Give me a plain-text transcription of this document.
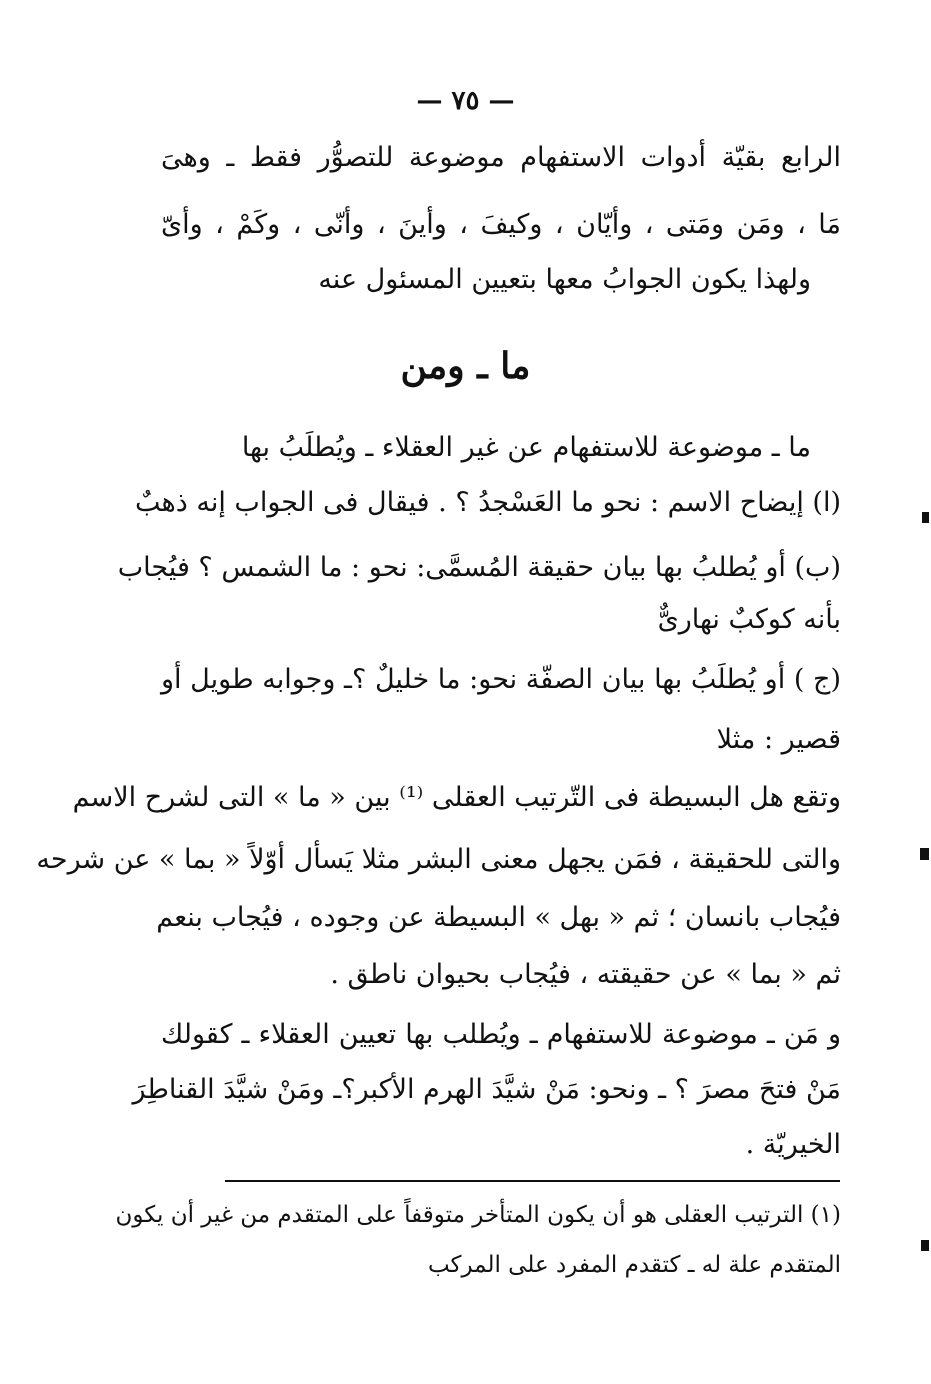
— ٧٥ —
الرابع بقيّة أدوات الاستفهام موضوعة للتصوُّر فقط ـ وهىَ
مَا ، ومَن ومَتى ، وأيّان ، وكيفَ ، وأينَ ، وأنّى ، وكَمْ ، وأىّ
ولهذا يكون الجوابُ معها بتعيين المسئول عنه
ما ـ ومن
ما ـ موضوعة للاستفهام عن غير العقلاء ـ ويُطلَبُ بها
(ا) إيضاح الاسم : نحو ما العَسْجدُ ؟ . فيقال فى الجواب إنه ذهبٌ
(ب) أو يُطلبُ بها بيان حقيقة المُسمَّى: نحو : ما الشمس ؟ فيُجاب
بأنه كوكبٌ نهارىٌّ
(ج ) أو يُطلَبُ بها بيان الصفّة نحو: ما خليلٌ ؟ـ وجوابه طويل أو
قصير : مثلا
وتقع هل البسيطة فى التّرتيب العقلى ⁽¹⁾ بين « ما » التى لشرح الاسم
والتى للحقيقة ، فمَن يجهل معنى البشر مثلا يَسأل أوّلاً « بما » عن شرحه
فيُجاب بانسان ؛ ثم « بهل » البسيطة عن وجوده ، فيُجاب بنعم
ثم « بما » عن حقيقته ، فيُجاب بحيوان ناطق .
و مَن ـ موضوعة للاستفهام ـ ويُطلب بها تعيين العقلاء ـ كقولك
مَنْ فتحَ مصرَ ؟ ـ ونحو: مَنْ شيَّدَ الهرم الأكبر؟ـ ومَنْ شيَّدَ القناطِرَ
الخيريّة .
(١) الترتيب العقلى هو أن يكون المتأخر متوقفاً على المتقدم من غير أن يكون
المتقدم علة له ـ كتقدم المفرد على المركب
